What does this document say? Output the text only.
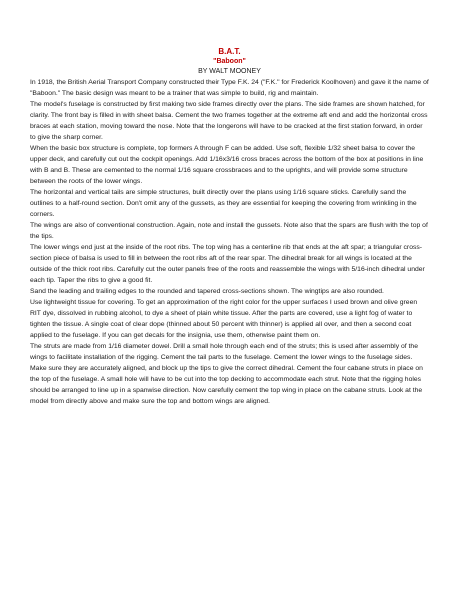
B.A.T.
"Baboon"
BY WALT MOONEY

In 1918, the British Aerial Transport Company constructed their Type F.K. 24 ("F.K." for Frederick Koolhoven) and gave it the name of "Baboon." The basic design was meant to be a trainer that was simple to build, rig and maintain.

The model's fuselage is constructed by first making two side frames directly over the plans. The side frames are shown hatched, for clarity. The front bay is filled in with sheet balsa. Cement the two frames together at the extreme aft end and add the horizontal cross braces at each station, moving toward the nose. Note that the longerons will have to be cracked at the first station forward, in order to give the sharp corner.

When the basic box structure is complete, top formers A through F can be added. Use soft, flexible 1/32 sheet balsa to cover the upper deck, and carefully cut out the cockpit openings. Add 1/16x3/16 cross braces across the bottom of the box at positions in line with B and B. These are cemented to the normal 1/16 square crossbraces and to the uprights, and will provide some structure between the roots of the lower wings.

The horizontal and vertical tails are simple structures, built directly over the plans using 1/16 square sticks. Carefully sand the outlines to a half-round section. Don't omit any of the gussets, as they are essential for keeping the covering from wrinkling in the corners.

The wings are also of conventional construction. Again, note and install the gussets. Note also that the spars are flush with the top of the tips.

The lower wings end just at the inside of the root ribs. The top wing has a centerline rib that ends at the aft spar; a triangular cross-section piece of balsa is used to fill in between the root ribs aft of the rear spar. The dihedral break for all wings is located at the outside of the thick root ribs. Carefully cut the outer panels free of the roots and reassemble the wings with 5/16-inch dihedral under each tip. Taper the ribs to give a good fit.

Sand the leading and trailing edges to the rounded and tapered cross-sections shown. The wingtips are also rounded.

Use lightweight tissue for covering. To get an approximation of the right color for the upper surfaces I used brown and olive green RIT dye, dissolved in rubbing alcohol, to dye a sheet of plain white tissue. After the parts are covered, use a light fog of water to tighten the tissue. A single coat of clear dope (thinned about 50 percent with thinner) is applied all over, and then a second coat applied to the fuselage. If you can get decals for the insignia, use them, otherwise paint them on.

The struts are made from 1/16 diameter dowel. Drill a small hole through each end of the struts; this is used after assembly of the wings to facilitate installation of the rigging. Cement the tail parts to the fuselage. Cement the lower wings to the fuselage sides. Make sure they are accurately aligned, and block up the tips to give the correct dihedral. Cement the four cabane struts in place on the top of the fuselage. A small hole will have to be cut into the top decking to accommodate each strut. Note that the rigging holes should be arranged to line up in a spanwise direction. Now carefully cement the top wing in place on the cabane struts. Look at the model from directly above and make sure the top and bottom wings are aligned.
